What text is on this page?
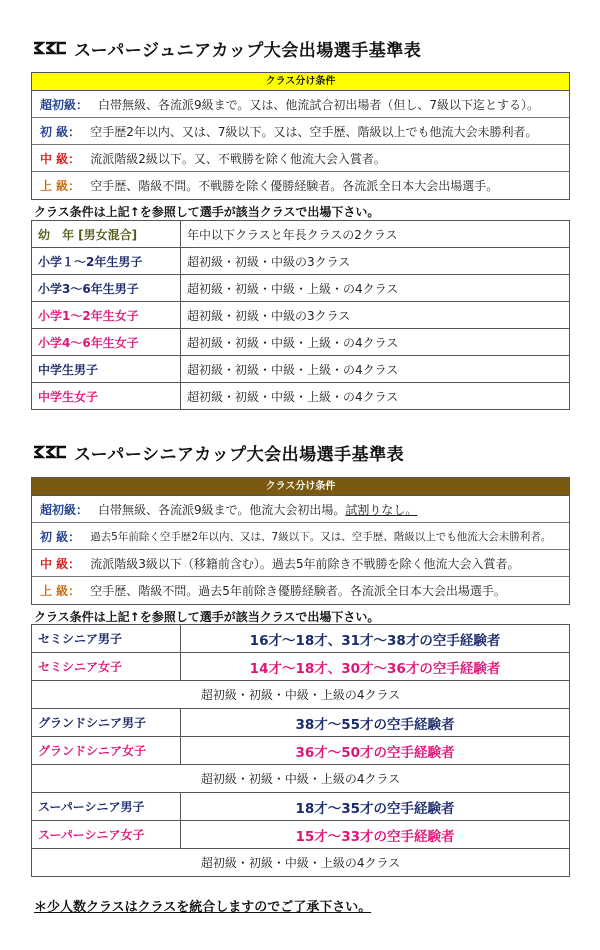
スーパージュニアカップ大会出場選手基準表
クラス分け条件
超初級： 白帯無級、各流派9級まで。又は、他流試合初出場者（但し、7級以下迄とする）。
初 級： 空手歴2年以内、又は、7級以下。又は、空手歴、階級以上でも他流大会未勝利者。
中 級： 流派階級2級以下。又、不戦勝を除く他流大会入賞者。
上 級： 空手歴、階級不問。不戦勝を除く優勝経験者。各流派全日本大会出場選手。
クラス条件は上記↑を参照して選手が該当クラスで出場下さい。
幼　年 [男女混合]	年中以下クラスと年長クラスの2クラス
小学１～2年生男子	超初級・初級・中級の3クラス
小学3～6年生男子	超初級・初級・中級・上級・の4クラス
小学1～2年生女子	超初級・初級・中級の3クラス
小学4～6年生女子	超初級・初級・中級・上級・の4クラス
中学生男子	超初級・初級・中級・上級・の4クラス
中学生女子	超初級・初級・中級・上級・の4クラス
スーパーシニアカップ大会出場選手基準表
クラス分け条件
超初級： 白帯無級、各流派9級まで。他流大会初出場。 試割りなし。
初 級： 過去5年前除く空手歴2年以内、又は、7級以下。又は、空手歴、階級以上でも他流大会未勝利者。
中 級： 流派階級3級以下（移籍前含む）。過去5年前除き不戦勝を除く他流大会入賞者。
上 級： 空手歴、階級不問。過去5年前除き優勝経験者。各流派全日本大会出場選手。
クラス条件は上記↑を参照して選手が該当クラスで出場下さい。
セミシニア男子	16才～18才、31才～38才の空手経験者
セミシニア女子	14才～18才、30才～36才の空手経験者
超初級・初級・中級・上級の4クラス	
グランドシニア男子	38才～55才の空手経験者
グランドシニア女子	36才～50才の空手経験者
超初級・初級・中級・上級の4クラス	
スーパーシニア男子	18才～35才の空手経験者
スーパーシニア女子	15才～33才の空手経験者
超初級・初級・中級・上級の4クラス	
＊少人数クラスはクラスを統合しますのでご了承下さい。
